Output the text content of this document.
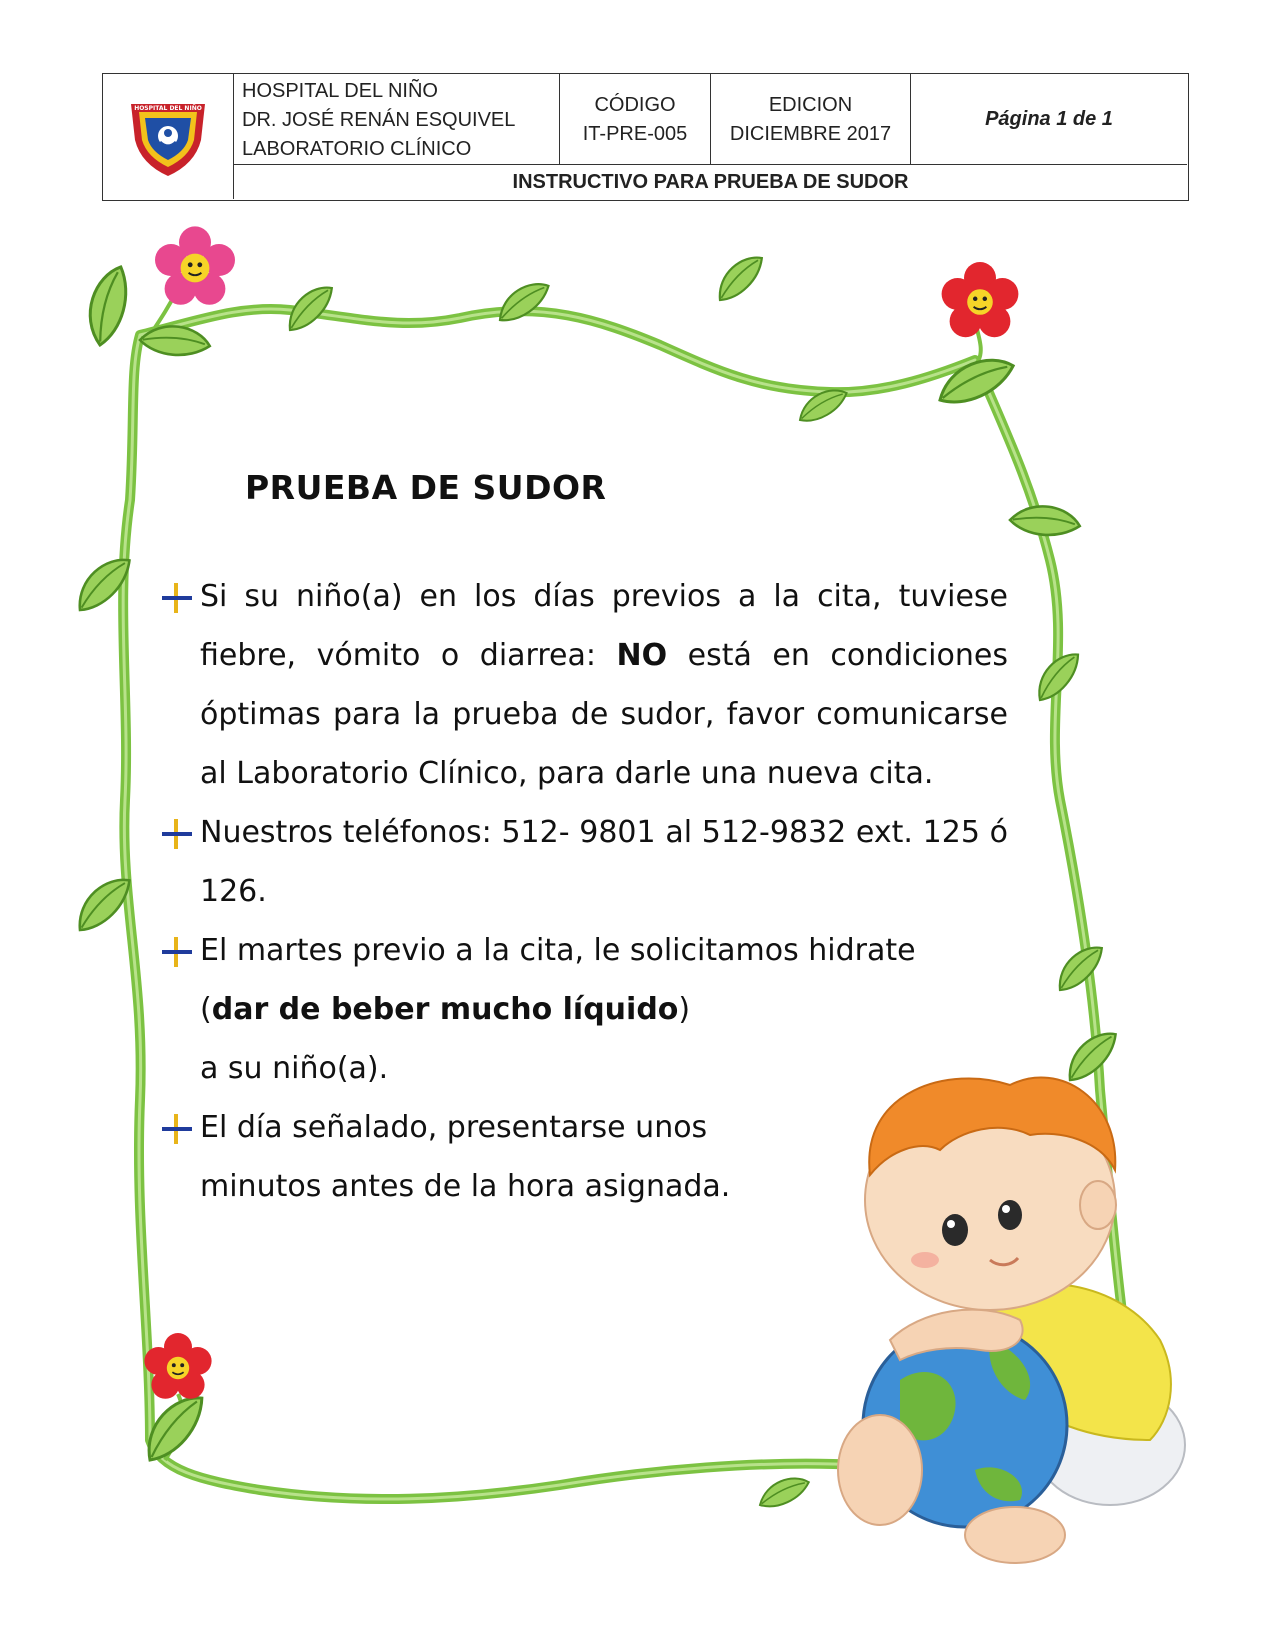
HOSPITAL DEL NIÑO
HOSPITAL DEL NIÑO
DR. JOSÉ RENÁN ESQUIVEL
LABORATORIO CLÍNICO
CÓDIGO
IT-PRE-005
EDICION
DICIEMBRE 2017
Página 1 de 1
INSTRUCTIVO PARA PRUEBA DE SUDOR
PRUEBA DE SUDOR
Si su niño(a) en los días previos a la cita, tuviese fiebre, vómito o diarrea: NO está en condiciones óptimas para la prueba de sudor, favor comunicarse al Laboratorio Clínico, para darle una nueva cita.
Nuestros teléfonos: 512- 9801 al 512-9832 ext. 125 ó 126.
El martes previo a la cita, le solicitamos hidrate
(dar de beber mucho líquido)
a su niño(a).
El día señalado, presentarse unos
minutos antes de la hora asignada.
